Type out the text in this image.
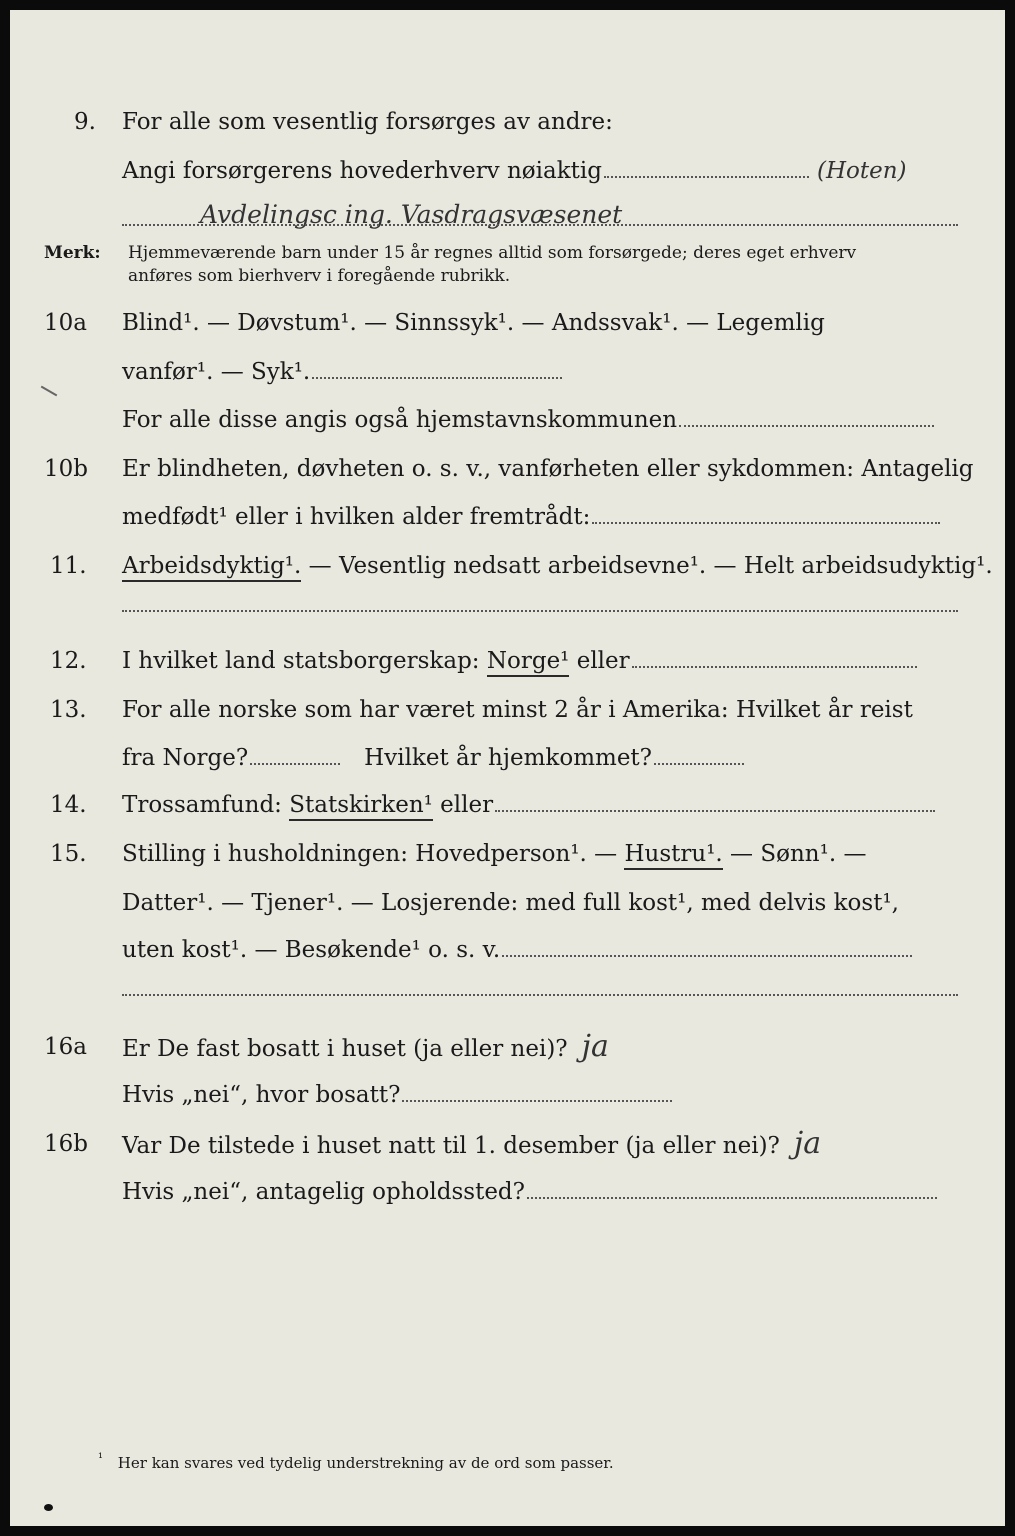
9. For alle som vesentlig forsørges av andre:
Angi forsørgerens hovederhverv nøiaktig	(Hoten)
Avdelingsc ing. Vasdragsvæsenet
Merk: Hjemmeværende barn under 15 år regnes alltid som forsørgede; deres eget erhverv
anføres som bierhverv i foregående rubrikk.
10a Blind¹. — Døvstum¹. — Sinnssyk¹. — Andssvak¹. — Legemlig
vanfør¹. — Syk¹.
For alle disse angis også hjemstavnskommunen
10b Er blindheten, døvheten o. s. v., vanførheten eller sykdommen: Antagelig
medfødt¹ eller i hvilken alder fremtrådt:
11. Arbeidsdyktig¹. — Vesentlig nedsatt arbeidsevne¹. — Helt arbeidsudyktig¹.
12. I hvilket land statsborgerskap: Norge¹ eller
13. For alle norske som har været minst 2 år i Amerika: Hvilket år reist
fra Norge?	Hvilket år hjemkommet?
14. Trossamfund: Statskirken¹ eller
15. Stilling i husholdningen: Hovedperson¹. — Hustru¹. — Sønn¹. —
Datter¹. — Tjener¹. — Losjerende: med full kost¹, med delvis kost¹,
uten kost¹. — Besøkende¹ o. s. v.
16a Er De fast bosatt i huset (ja eller nei)? ja
Hvis „nei“, hvor bosatt?
16b Var De tilstede i huset natt til 1. desember (ja eller nei)? ja
Hvis „nei“, antagelig opholdssted?
$^{^1}$ Her kan svares ved tydelig understrekning av de ord som passer.
